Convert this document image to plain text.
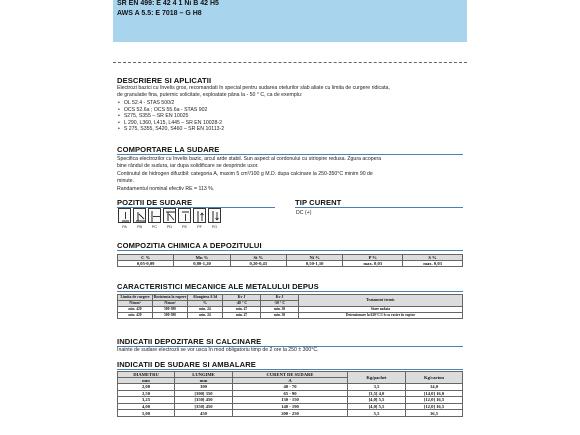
SR EN 499: E 42 4 1 Ni B 42 H5
AWS A 5.5: E 7018 – G H8
DESCRIERE SI APLICATII
Electrozi bazici cu învelis gros, recomandati în special pentru sudarea otelurilor slab aliate cu limita de curgere ridicata,
de granulatie fina, puternic solicitate, exploatate pâna la - 50 ° C, ca de exemplu:
• OL 52.4 - STAS 500/2
• OCS 52.6a ; OCS 55.6a - STAS 902
• S275, S355 – SR EN 10025
• L 290, L360, L415, L445 – SR EN 10028-2
• S 275, S355, S420, S460 – SR EN 10113-2
COMPORTARE LA SUDARE
Specifica electrozilor cu învelis bazic, arcul arde stabil. Sun aspect al cordonului cu striopire redusa. Zgura acopera
bine rândul de sudura, iar dupa solidificare se desprinde usor.
Continutul de hidrogen difuzibil: categoria A, maxim 5 cm³/100 g M.D. dupa calcinare la 250-350°C minim 90 de
minute.
Randamentul nominal efectiv RE = 113 %.
POZITII DE SUDARE	TIP CURENT
DC (+)
PA	PB	PC	PD	PE	PF	PG
COMPOZITIA CHIMICA A DEPOZITULUI
C %	Mn %	Si %	Ni %	P %	S %
0,05-0,09	0,80-1,20	0,20-0,45	0,50-1,10	max. 0,03	max. 0,03
CARACTERISTICI MECANICE ALE METALULUI DEPUS
Limita de curgere	Rezistenta la rupere	Alungirea A 5d	Kv J	Kv J	Tratament termic
N/mm²	N/mm²	%	-40 ° C	-50 ° C	
min. 420	500-580	min. 24	min. 47	min. 30	Stare sudata
min. 420	500-580	min. 24	min. 47	min. 30	Detensionare la 620°C/1 h cu racire în cuptor
INDICATII DEPOZITARE SI CALCINARE
Înainte de sudare electrozii se vor usca în mod obligatoriu timp de 2 ore la 250 ± 300°C.
INDICATII DE SUDARE SI AMBALARE
DIAMETRU	LUNGIME	CURENT DE SUDARE	Kg/pachet	Kg/carton
mm	mm	A		
2,00	300	40 - 70	3,5	14,0
2,50	[300] 350	65 - 90	[3,5] 4,0	[14,0] 16,0
3,25	[350] 450	130 - 150	[4,0] 5,5	[12,0] 16,5
4,00	[350] 450	140 - 190	[4,0] 5,5	[12,0] 16,5
5,00	450	200 - 250	5,5	16,5
